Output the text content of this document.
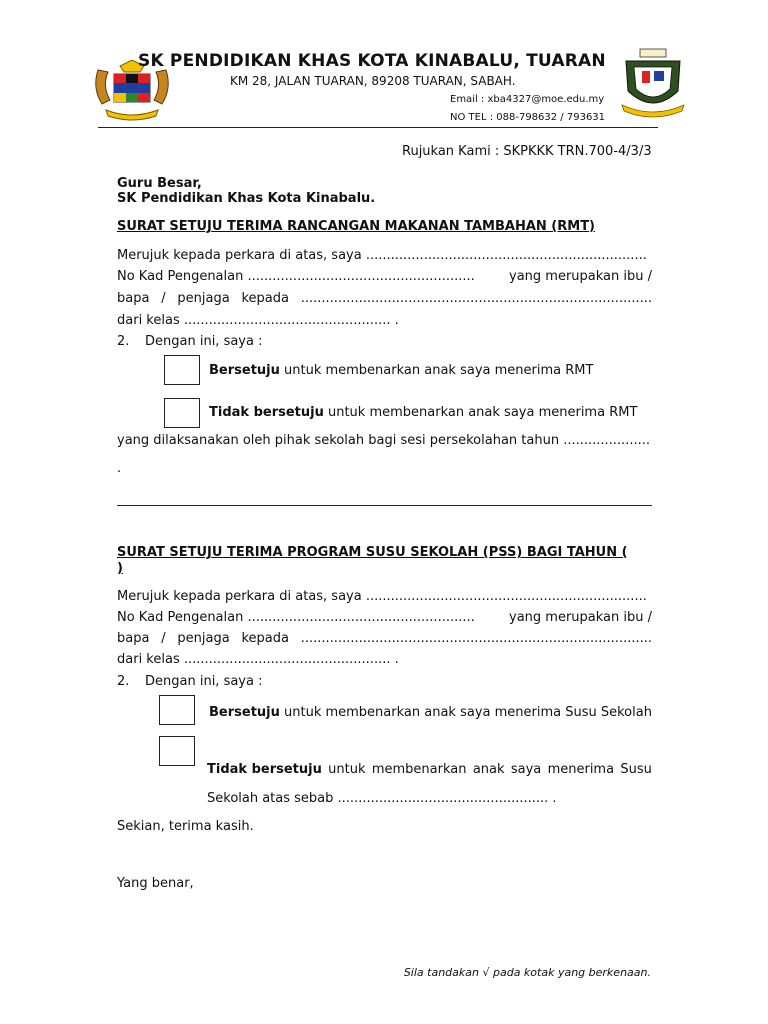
SK PENDIDIKAN KHAS KOTA KINABALU, TUARAN
KM 28, JALAN TUARAN, 89208 TUARAN, SABAH.
Email : xba4327@moe.edu.my
NO TEL : 088-798632 / 793631
Rujukan Kami : SKPKKK TRN.700-4/3/3
Guru Besar,
SK Pendidikan Khas Kota Kinabalu.
SURAT SETUJU TERIMA RANCANGAN MAKANAN TAMBAHAN (RMT)
Merujuk kepada perkara di atas, saya ....................................................................
No Kad Pengenalan .......................................................	yang merupakan ibu /
bapa / penjaga kepada .....................................................................................
dari kelas .................................................. .
2. Dengan ini, saya :
Bersetuju untuk membenarkan anak saya menerima RMT
Tidak bersetuju untuk membenarkan anak saya menerima RMT
yang dilaksanakan oleh pihak sekolah bagi sesi persekolahan tahun .....................
.
SURAT SETUJU TERIMA PROGRAM SUSU SEKOLAH (PSS) BAGI TAHUN (
)
Merujuk kepada perkara di atas, saya ....................................................................
No Kad Pengenalan .......................................................	yang merupakan ibu /
bapa / penjaga kepada .....................................................................................
dari kelas .................................................. .
2. Dengan ini, saya :
Bersetuju untuk membenarkan anak saya menerima Susu Sekolah
Tidak bersetuju untuk membenarkan anak saya menerima Susu
Sekolah atas sebab ................................................... .
Sekian, terima kasih.
Yang benar,
Sila tandakan √ pada kotak yang berkenaan.
